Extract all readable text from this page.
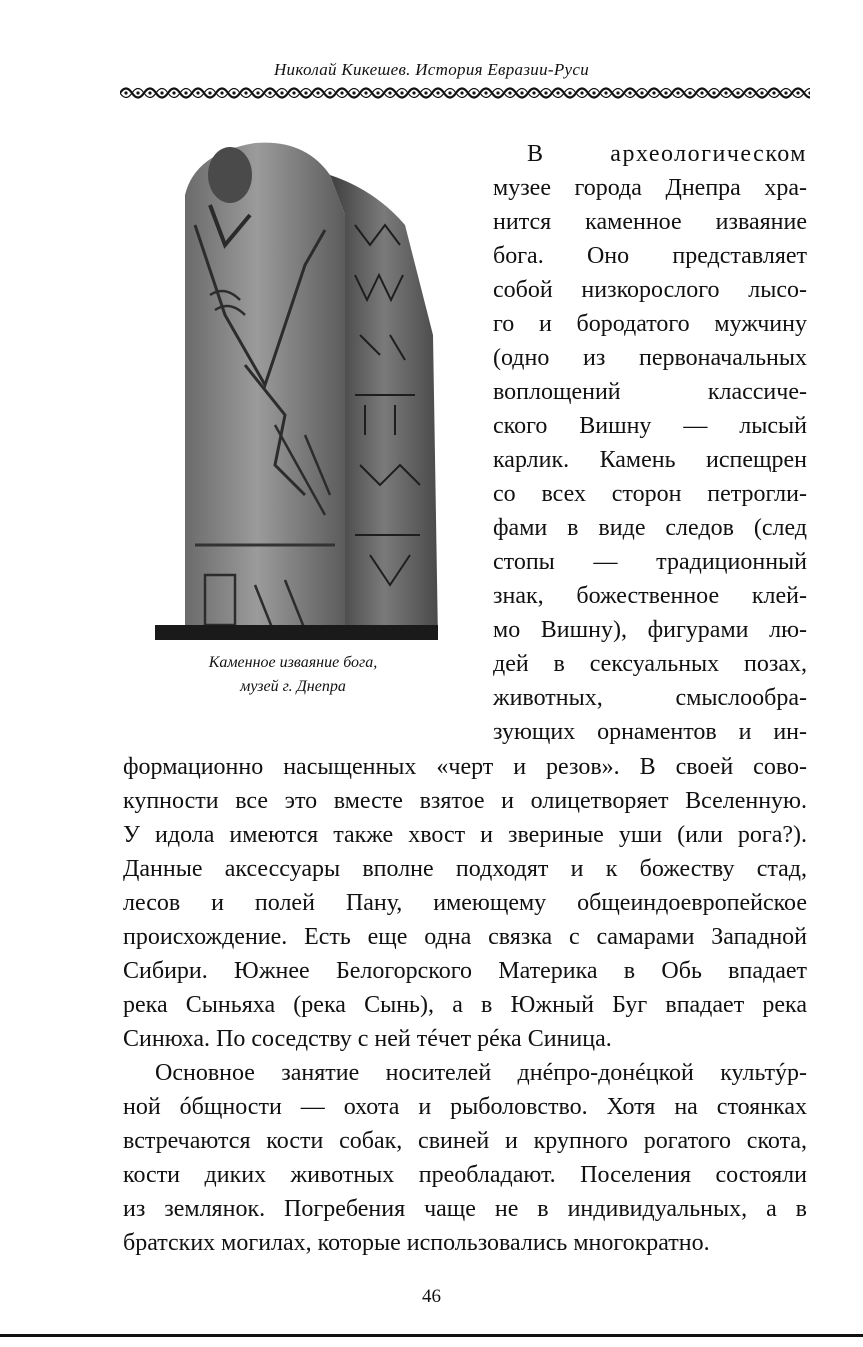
Николай Кикешев. История Евразии-Руси
Каменное изваяние бога,
музей г. Днепра
В археологическом
музее города Днепра хра-
нится каменное изваяние
бога. Оно представляет
собой низкорослого лысо-
го и бородатого мужчину
(одно из первоначальных
воплощений классиче-
ского Вишну — лысый
карлик. Камень испещрен
со всех сторон петрогли-
фами в виде следов (след
стопы — традиционный
знак, божественное клей-
мо Вишну), фигурами лю-
дей в сексуальных позах,
животных, смыслообра-
зующих орнаментов и ин-
формационно насыщенных «черт и резов». В своей сово-
купности все это вместе взятое и олицетворяет Вселенную.
У идола имеются также хвост и звериные уши (или рога?).
Данные аксессуары вполне подходят и к божеству стад,
лесов и полей Пану, имеющему общеиндоевропейское
происхождение. Есть еще одна связка с самарами Западной
Сибири. Южнее Белогорского Материка в Обь впадает
река Сыньяха (река Сынь), а в Южный Буг впадает река
Синюха. По соседству с ней тéчет рéка Синица.
Основное занятие носителей днéпро-донéцкой культýр-
ной óбщности — охота и рыболовство. Хотя на стоянках
встречаются кости собак, свиней и крупного рогатого скота,
кости диких животных преобладают. Поселения состояли
из землянок. Погребения чаще не в индивидуальных, а в
братских могилах, которые использовались многократно.
46
